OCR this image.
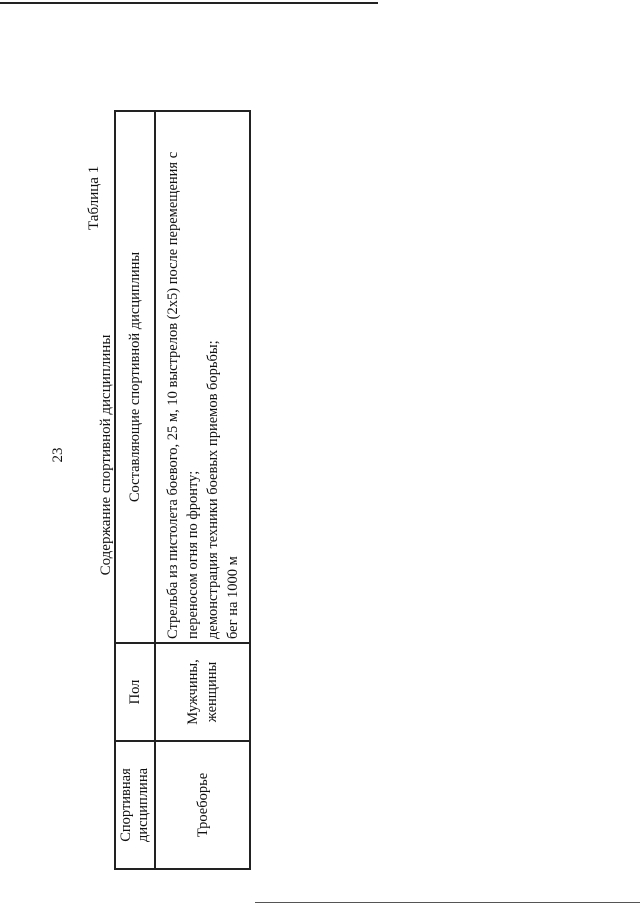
23
Таблица 1
Содержание спортивной дисциплины
Спортивная дисциплина	Пол	Составляющие спортивной дисциплины
Троеборье	Мужчины, женщины	Стрельба из пистолета боевого, 25 м, 10 выстрелов (2х5) после перемещения с переносом огня по фронту; демонстрация техники боевых приемов борьбы; бег на 1000 м
